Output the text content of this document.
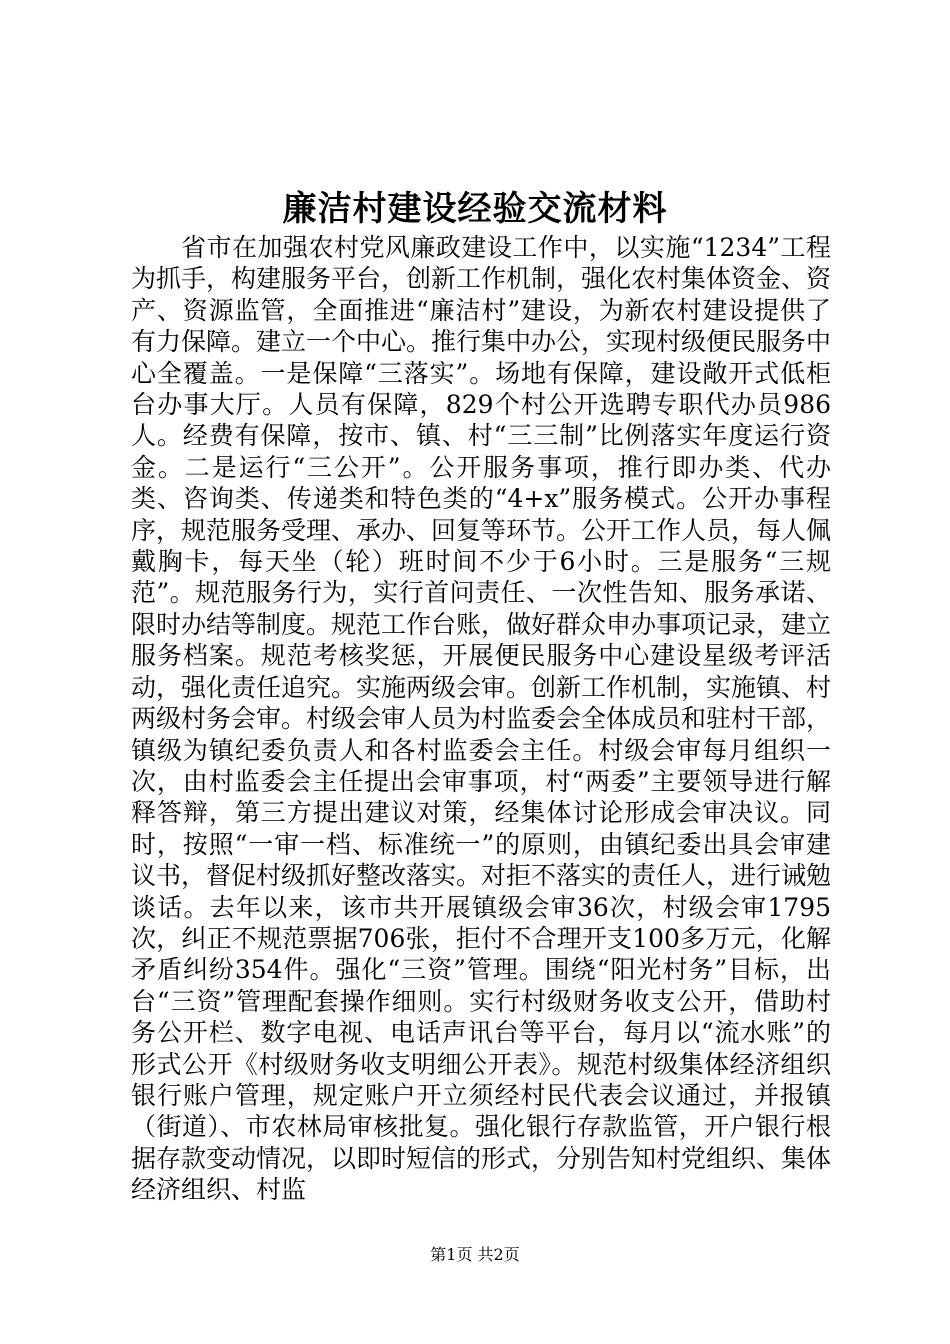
廉洁村建设经验交流材料

省市在加强农村党风廉政建设工作中，以实施“1234”工程为抓手，构建服务平台，创新工作机制，强化农村集体资金、资产、资源监管，全面推进“廉洁村”建设，为新农村建设提供了有力保障。建立一个中心。推行集中办公，实现村级便民服务中心全覆盖。一是保障“三落实”。场地有保障，建设敞开式低柜台办事大厅。人员有保障，829个村公开选聘专职代办员986人。经费有保障，按市、镇、村“三三制”比例落实年度运行资金。二是运行“三公开”。公开服务事项，推行即办类、代办类、咨询类、传递类和特色类的“4+x”服务模式。公开办事程序，规范服务受理、承办、回复等环节。公开工作人员，每人佩戴胸卡，每天坐（轮）班时间不少于6小时。三是服务“三规范”。规范服务行为，实行首问责任、一次性告知、服务承诺、限时办结等制度。规范工作台账，做好群众申办事项记录，建立服务档案。规范考核奖惩，开展便民服务中心建设星级考评活动，强化责任追究。实施两级会审。创新工作机制，实施镇、村两级村务会审。村级会审人员为村监委会全体成员和驻村干部，镇级为镇纪委负责人和各村监委会主任。村级会审每月组织一次，由村监委会主任提出会审事项，村“两委”主要领导进行解释答辩，第三方提出建议对策，经集体讨论形成会审决议。同时，按照“一审一档、标准统一”的原则，由镇纪委出具会审建议书，督促村级抓好整改落实。对拒不落实的责任人，进行诫勉谈话。去年以来，该市共开展镇级会审36次，村级会审1795次，纠正不规范票据706张，拒付不合理开支100多万元，化解矛盾纠纷354件。强化“三资”管理。围绕“阳光村务”目标，出台“三资”管理配套操作细则。实行村级财务收支公开，借助村务公开栏、数字电视、电话声讯台等平台，每月以“流水账”的形式公开《村级财务收支明细公开表》。规范村级集体经济组织银行账户管理，规定账户开立须经村民代表会议通过，并报镇（街道）、市农林局审核批复。强化银行存款监管，开户银行根据存款变动情况，以即时短信的形式，分别告知村党组织、集体经济组织、村监

第1页 共2页
